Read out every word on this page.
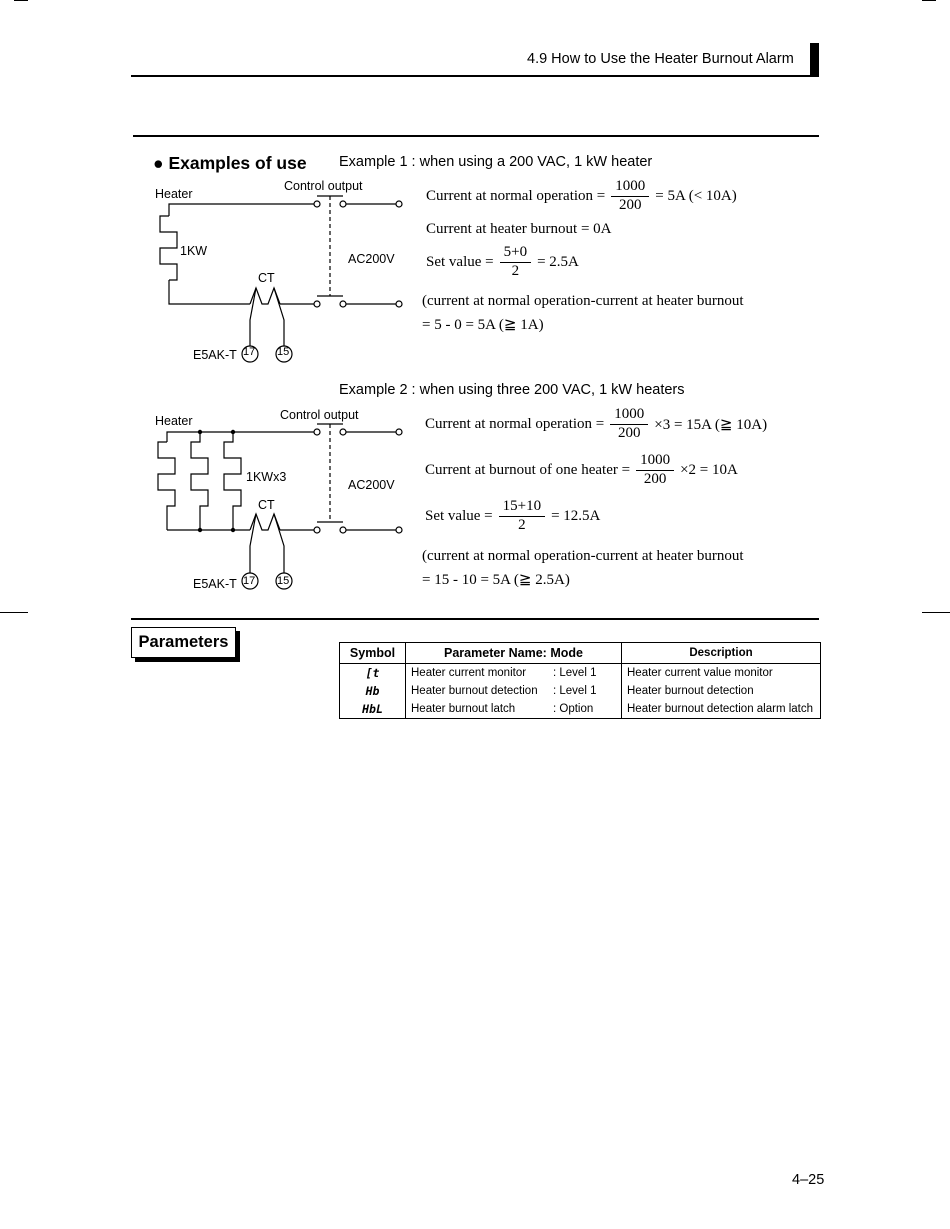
4.9 How to Use the Heater Burnout Alarm
● Examples of use Example 1 : when using a 200 VAC, 1 kW heater
Heater
Control output
1KW
CT
AC200V
E5AK-T 17 15
Current at normal operation = $\frac{1000}{200} = 5A$ (< 10A)
Current at heater burnout = 0A
Set value = $\frac{5+0}{2} = 2.5A$
(current at normal operation-current at heater burnout
= 5 - 0 = 5A (≧ 1A)
Example 2 : when using three 200 VAC, 1 kW heaters
Heater	Control output
1KWx3
CT
AC200V
E5AK-T 17 15
Current at normal operation = $\frac{1000}{200} \times 3 = 15A$ (≧ 10A)
Current at burnout of one heater = $\frac{1000}{200} \times 2 = 10A$
Set value = $\frac{15+10}{2} = 12.5A$
(current at normal operation-current at heater burnout
= 15 - 10 = 5A (≧ 2.5A)
Parameters
Symbol	Parameter Name: Mode	Description
[t	Heater current monitor : Level 1	Heater current value monitor
Hb	Heater burnout detection : Level 1	Heater burnout detection
HbL	Heater burnout latch : Option	Heater burnout detection alarm latch
4–25
